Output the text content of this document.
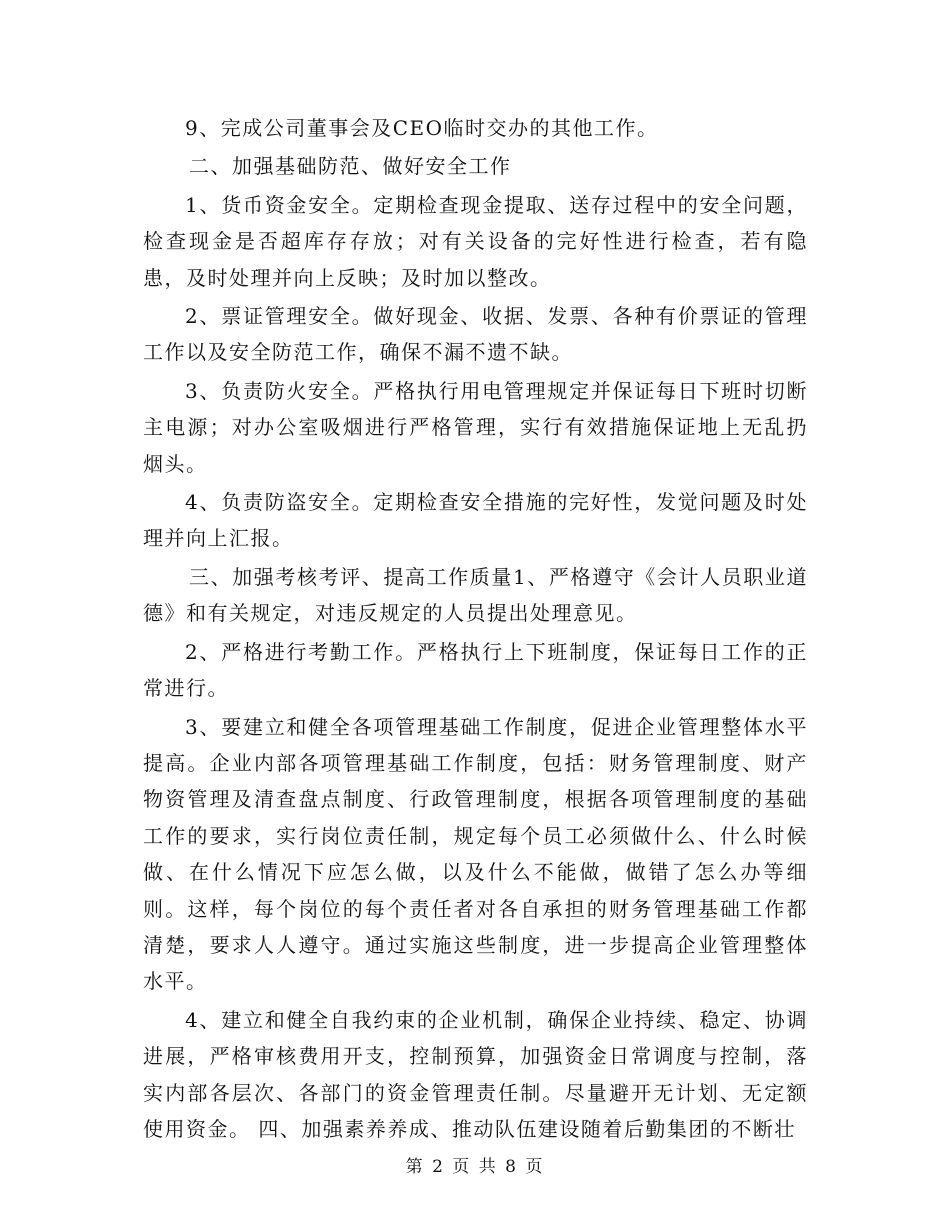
9、完成公司董事会及CEO临时交办的其他工作。

二、加强基础防范、做好安全工作

1、货币资金安全。定期检查现金提取、送存过程中的安全问题，检查现金是否超库存存放；对有关设备的完好性进行检查，若有隐患，及时处理并向上反映；及时加以整改。

2、票证管理安全。做好现金、收据、发票、各种有价票证的管理工作以及安全防范工作，确保不漏不遗不缺。

3、负责防火安全。严格执行用电管理规定并保证每日下班时切断主电源；对办公室吸烟进行严格管理，实行有效措施保证地上无乱扔烟头。

4、负责防盗安全。定期检查安全措施的完好性，发觉问题及时处理并向上汇报。

三、加强考核考评、提高工作质量1、严格遵守《会计人员职业道德》和有关规定，对违反规定的人员提出处理意见。

2、严格进行考勤工作。严格执行上下班制度，保证每日工作的正常进行。

3、要建立和健全各项管理基础工作制度，促进企业管理整体水平提高。企业内部各项管理基础工作制度，包括：财务管理制度、财产物资管理及清查盘点制度、行政管理制度，根据各项管理制度的基础工作的要求，实行岗位责任制，规定每个员工必须做什么、什么时候做、在什么情况下应怎么做，以及什么不能做，做错了怎么办等细则。这样，每个岗位的每个责任者对各自承担的财务管理基础工作都清楚，要求人人遵守。通过实施这些制度，进一步提高企业管理整体水平。

4、建立和健全自我约束的企业机制，确保企业持续、稳定、协调进展，严格审核费用开支，控制预算，加强资金日常调度与控制，落实内部各层次、各部门的资金管理责任制。尽量避开无计划、无定额使用资金。 四、加强素养养成、推动队伍建设随着后勤集团的不断壮

第 2 页 共 8 页
